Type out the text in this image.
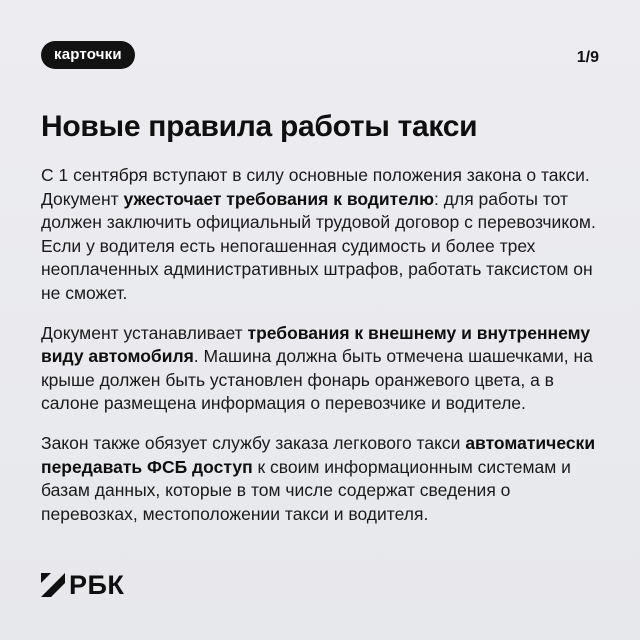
карточки	1/9
Новые правила работы такси

С 1 сентября вступают в силу основные положения закона о такси. Документ ужесточает требования к водителю: для работы тот должен заключить официальный трудовой договор с перевозчиком. Если у водителя есть непогашенная судимость и более трех неоплаченных административных штрафов, работать таксистом он не сможет.

Документ устанавливает требования к внешнему и внутреннему виду автомобиля. Машина должна быть отмечена шашечками, на крыше должен быть установлен фонарь оранжевого цвета, а в салоне размещена информация о перевозчике и водителе.

Закон также обязует службу заказа легкового такси автоматически передавать ФСБ доступ к своим информационным системам и базам данных, которые в том числе содержат сведения о перевозках, местоположении такси и водителя.

РБК
